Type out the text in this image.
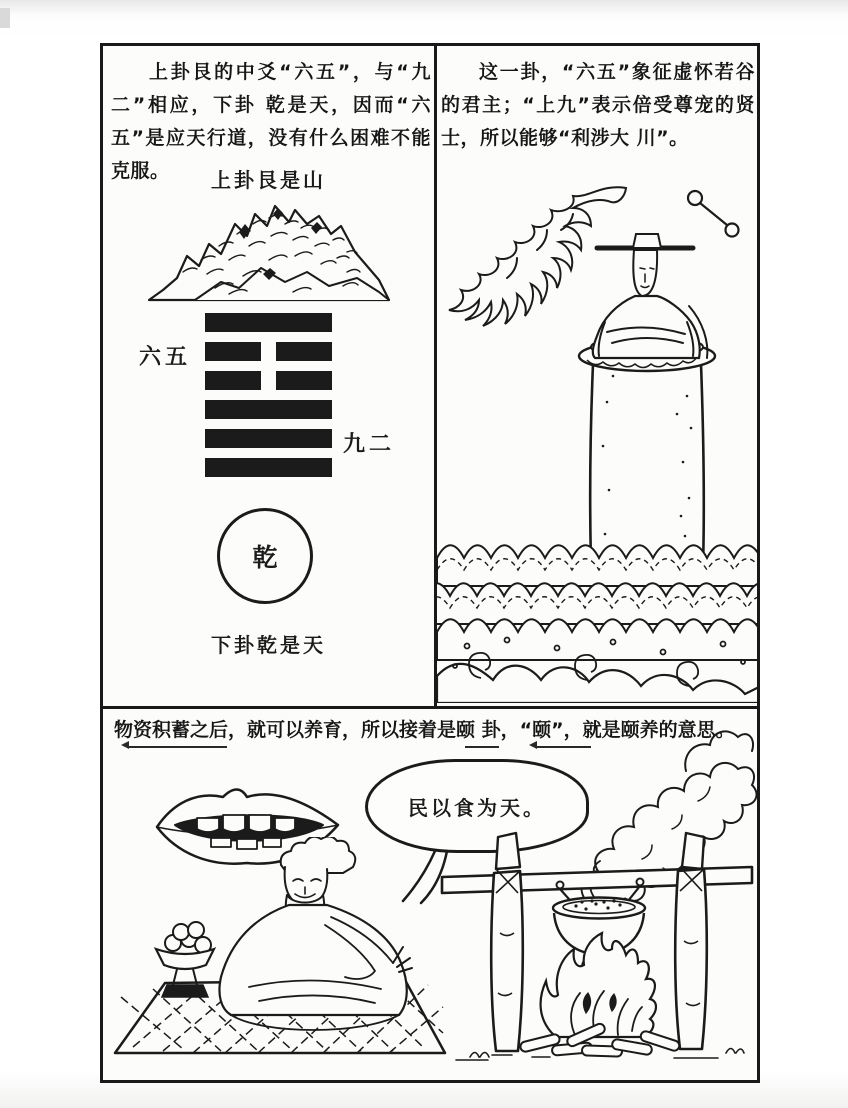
上卦艮的中爻“六五”，与“九二”相应，下卦 乾是天，因而“六五”是应天行道，没有什么困难不能克服。	上卦艮是山
六五
九二
乾
下卦乾是天

这一卦，“六五”象征虚怀若谷的君主；“上九”表示倍受尊宠的贤士，所以能够“利涉大 川”。

物资积蓄之后，就可以养育，所以接着是颐 卦，“颐”，就是颐养的意思。

民以食为天。
